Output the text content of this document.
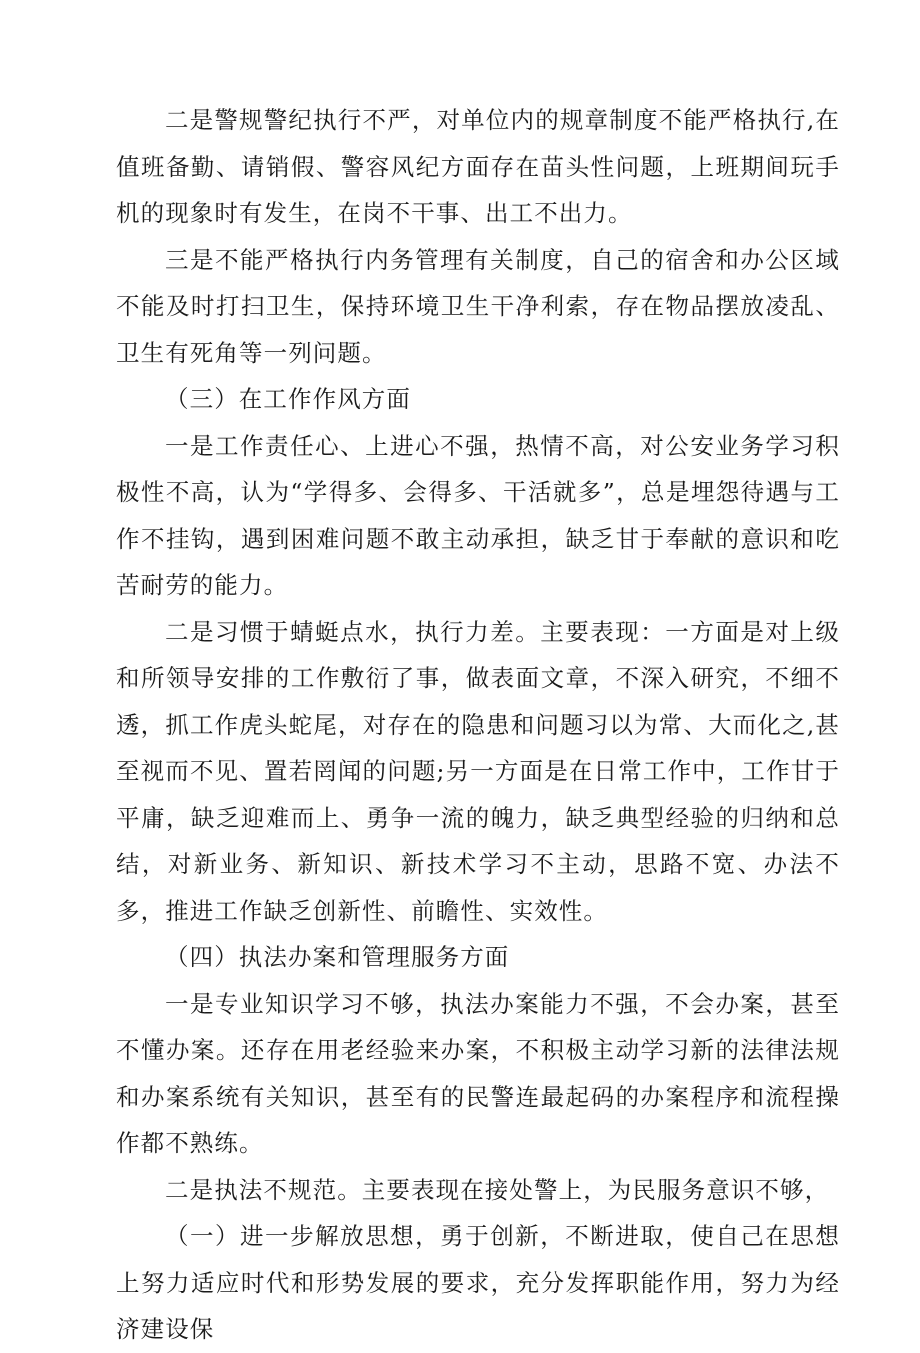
二是警规警纪执行不严，对单位内的规章制度不能严格执行,在值班备勤、请销假、警容风纪方面存在苗头性问题，上班期间玩手机的现象时有发生，在岗不干事、出工不出力。

三是不能严格执行内务管理有关制度，自己的宿舍和办公区域不能及时打扫卫生，保持环境卫生干净利索，存在物品摆放凌乱、卫生有死角等一列问题。

（三）在工作作风方面

一是工作责任心、上进心不强，热情不高，对公安业务学习积极性不高，认为“学得多、会得多、干活就多”，总是埋怨待遇与工作不挂钩，遇到困难问题不敢主动承担，缺乏甘于奉献的意识和吃苦耐劳的能力。

二是习惯于蜻蜓点水，执行力差。主要表现：一方面是对上级和所领导安排的工作敷衍了事，做表面文章，不深入研究，不细不透，抓工作虎头蛇尾，对存在的隐患和问题习以为常、大而化之,甚至视而不见、置若罔闻的问题;另一方面是在日常工作中，工作甘于平庸，缺乏迎难而上、勇争一流的魄力，缺乏典型经验的归纳和总结，对新业务、新知识、新技术学习不主动，思路不宽、办法不多，推进工作缺乏创新性、前瞻性、实效性。

（四）执法办案和管理服务方面

一是专业知识学习不够，执法办案能力不强，不会办案，甚至不懂办案。还存在用老经验来办案，不积极主动学习新的法律法规和办案系统有关知识，甚至有的民警连最起码的办案程序和流程操作都不熟练。

二是执法不规范。主要表现在接处警上，为民服务意识不够，

（一）进一步解放思想，勇于创新，不断进取，使自己在思想上努力适应时代和形势发展的要求，充分发挥职能作用，努力为经济建设保
